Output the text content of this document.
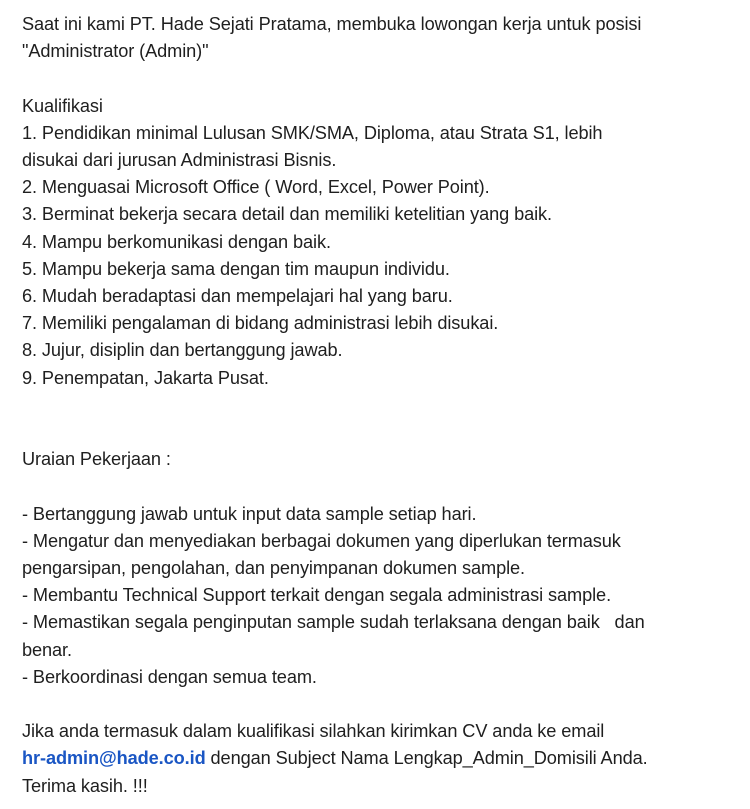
Saat ini kami PT. Hade Sejati Pratama, membuka lowongan kerja untuk posisi
"Administrator (Admin)"
Kualifikasi
1. Pendidikan minimal Lulusan SMK/SMA, Diploma, atau Strata S1, lebih
disukai dari jurusan Administrasi Bisnis.
2. Menguasai Microsoft Office ( Word, Excel, Power Point).
3. Berminat bekerja secara detail dan memiliki ketelitian yang baik.
4. Mampu berkomunikasi dengan baik.
5. Mampu bekerja sama dengan tim maupun individu.
6. Mudah beradaptasi dan mempelajari hal yang baru.
7. Memiliki pengalaman di bidang administrasi lebih disukai.
8. Jujur, disiplin dan bertanggung jawab.
9. Penempatan, Jakarta Pusat.
Uraian Pekerjaan :
- Bertanggung jawab untuk input data sample setiap hari.
- Mengatur dan menyediakan berbagai dokumen yang diperlukan termasuk
pengarsipan, pengolahan, dan penyimpanan dokumen sample.
- Membantu Technical Support terkait dengan segala administrasi sample.
- Memastikan segala penginputan sample sudah terlaksana dengan baik   dan
benar.
- Berkoordinasi dengan semua team.
Jika anda termasuk dalam kualifikasi silahkan kirimkan CV anda ke email
hr-admin@hade.co.id dengan Subject Nama Lengkap_Admin_Domisili Anda.
Terima kasih. !!!
